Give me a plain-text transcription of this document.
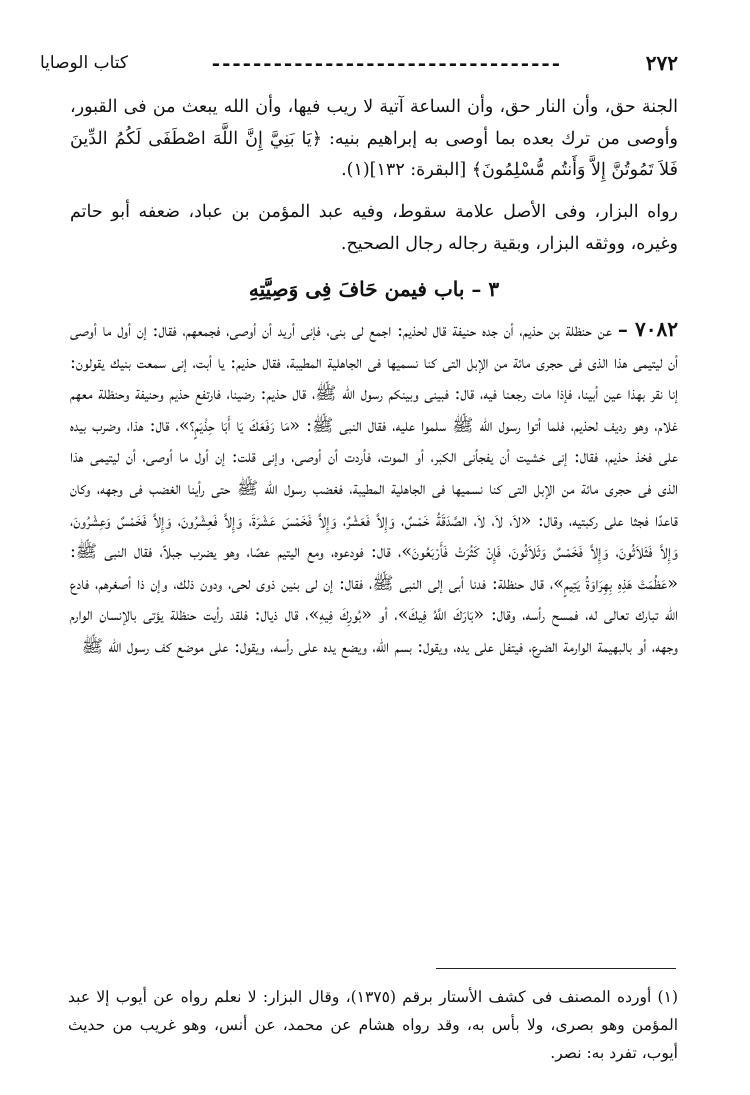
٢٧٢
----------------------------------
كتاب الوصايا

الجنة حق، وأن النار حق، وأن الساعة آتية لا ريب فيها، وأن الله يبعث من فى القبور، وأوصى من ترك بعده بما أوصى به إبراهيم بنيه: ﴿يَا بَنِيَّ إِنَّ اللَّهَ اصْطَفَى لَكُمُ الدِّينَ فَلاَ تَمُوتُنَّ إِلاَّ وَأَنتُم مُّسْلِمُونَ﴾ [البقرة: ١٣٢](١).

رواه البزار، وفى الأصل علامة سقوط، وفيه عبد المؤمن بن عباد، ضعفه أبو حاتم وغيره، ووثقه البزار، وبقية رجاله رجال الصحيح.

٣ – باب فيمن حَافَ فِى وَصِيَّتِهِ

٧٠٨٢ – عن حنظلة بن حذيم، أن جده حنيفة قال لحذيم: اجمع لى بنى، فإنى أريد أن أوصى، فجمعهم، فقال: إن أول ما أوصى أن ليتيمى هذا الذى فى حجرى مائة من الإبل التى كنا نسميها فى الجاهلية المطيبة، فقال حذيم: يا أبت، إنى سمعت بنيك يقولون: إنا نقر بهذا عين أبينا، فإذا مات رجعنا فيه، قال: فبينى وبينكم رسول الله ﷺ، قال حذيم: رضينا، فارتفع حذيم وحنيفة وحنظلة معهم غلام، وهو رديف لحذيم، فلما أتوا رسول الله ﷺ سلموا عليه، فقال النبى ﷺ: «مَا رَفَعَكَ يَا أَبَا حِذْيَمٍ؟»، قال: هذا، وضرب بيده على فخذ حذيم، فقال: إنى خشيت أن يفجأنى الكبر، أو الموت، فأردت أن أوصى، وإنى قلت: إن أول ما أوصى، أن ليتيمى هذا الذى فى حجرى مائة من الإبل التى كنا نسميها فى الجاهلية المطيبة، فغضب رسول الله ﷺ حتى رأينا الغضب فى وجهه، وكان قاعدًا فجثا على ركبتيه، وقال: «لاَ، لاَ، لاَ، الصَّدَقَةُ خَمْسٌ، وَإِلاَّ فَعَشْرٌ، وَإِلاَّ فَخَمْسَ عَشْرَةَ، وَإِلاَّ فَعِشْرُونَ، وَإِلاَّ فَخَمْسٌ وَعِشْرُونَ، وَإِلاَّ فَثَلاَثُونَ، وَإِلاَّ فَخَمْسٌ وَثَلاَثُونَ، فَإِنْ كَثُرَتْ فَأَرْبَعُونَ»، قال: فودعوه، ومع اليتيم عصًا، وهو يضرب جبلاً، فقال النبى ﷺ: «عَظُمَتْ هَذِهِ بِهِرَاوَةُ يَتِيمٍ»، قال حنظلة: فدنا أبى إلى النبى ﷺ، فقال: إن لى بنين ذوى لحى، ودون ذلك، وإن ذا أصغرهم، فادع الله تبارك تعالى له، فمسح رأسه، وقال: «بَارَكَ اللَّهُ فِيكَ»، أو «بُورِكَ فِيهِ»، قال ذيال: فلقد رأيت حنظلة يؤتى بالإنسان الوارم وجهه، أو بالبهيمة الوارمة الضرع، فيتفل على يده، ويقول: بسم الله، ويضع يده على رأسه، ويقول: على موضع كف رسول الله ﷺ

(١) أورده المصنف فى كشف الأستار برقم (١٣٧٥)، وقال البزار: لا نعلم رواه عن أيوب إلا عبد المؤمن وهو بصرى، ولا بأس به، وقد رواه هشام عن محمد، عن أنس، وهو غريب من حديث أيوب، تفرد به: نصر.
